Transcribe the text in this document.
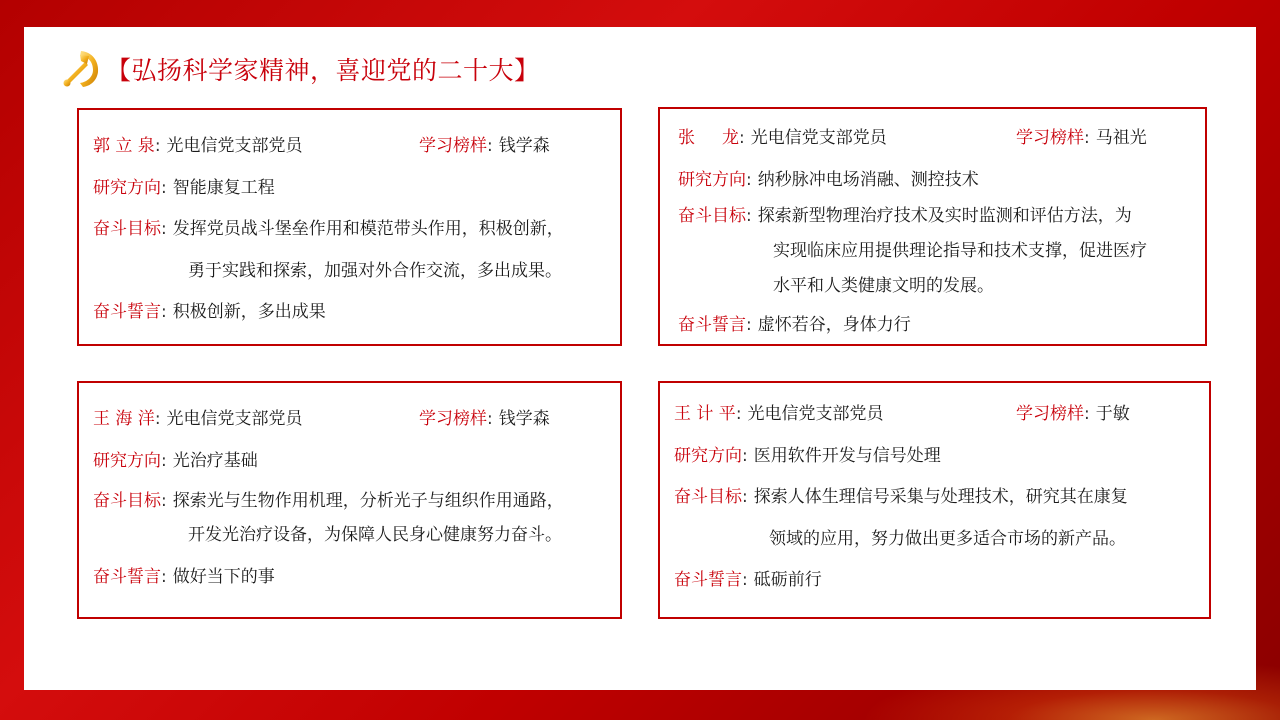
【弘扬科学家精神，喜迎党的二十大】
郭 立 泉: 光电信党支部党员	学习榜样: 钱学森
研究方向: 智能康复工程
奋斗目标: 发挥党员战斗堡垒作用和模范带头作用，积极创新，
勇于实践和探索，加强对外合作交流，多出成果。
奋斗誓言: 积极创新，多出成果
张     龙: 光电信党支部党员	学习榜样: 马祖光
研究方向: 纳秒脉冲电场消融、测控技术
奋斗目标: 探索新型物理治疗技术及实时监测和评估方法，为
实现临床应用提供理论指导和技术支撑，促进医疗
水平和人类健康文明的发展。
奋斗誓言: 虚怀若谷，身体力行
王 海 洋: 光电信党支部党员	学习榜样: 钱学森
研究方向: 光治疗基础
奋斗目标: 探索光与生物作用机理，分析光子与组织作用通路，
开发光治疗设备，为保障人民身心健康努力奋斗。
奋斗誓言: 做好当下的事
王 计 平: 光电信党支部党员	学习榜样: 于敏
研究方向: 医用软件开发与信号处理
奋斗目标: 探索人体生理信号采集与处理技术，研究其在康复
领域的应用，努力做出更多适合市场的新产品。
奋斗誓言: 砥砺前行
